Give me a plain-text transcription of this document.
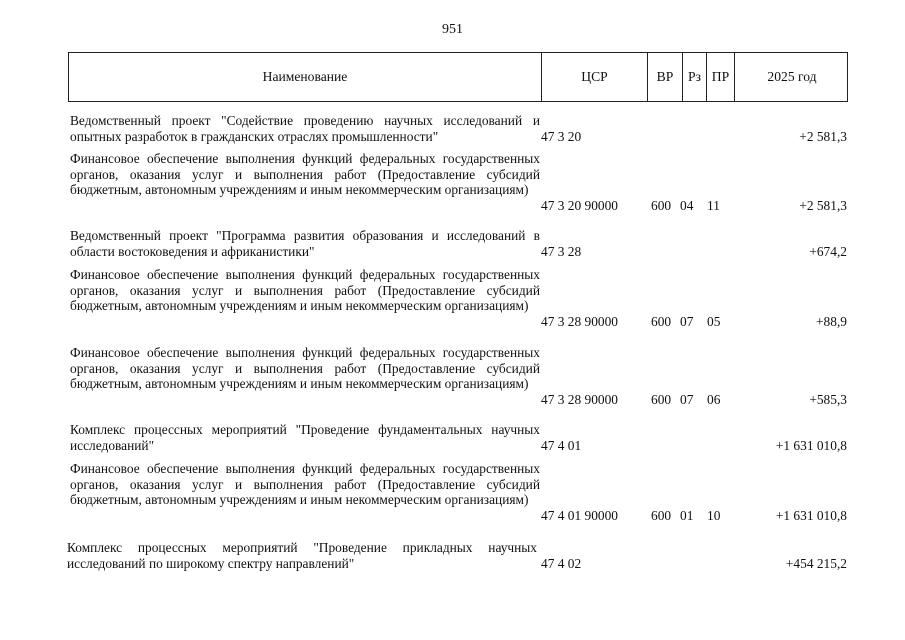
951
Наименование	ЦСР	ВР	Рз ПР	2025 год
Ведомственный проект "Содействие проведению научных исследований и опытных разработок в гражданских отраслях промышленности"	47 3 20	+2 581,3
Финансовое обеспечение выполнения функций федеральных государственных органов, оказания услуг и выполнения работ (Предоставление субсидий бюджетным, автономным учреждениям и иным некоммерческим организациям)
47 3 20 90000 600 04 11	+2 581,3
Ведомственный проект "Программа развития образования и исследований в области востоковедения и африканистики"	47 3 28	+674,2
Финансовое обеспечение выполнения функций федеральных государственных органов, оказания услуг и выполнения работ (Предоставление субсидий бюджетным, автономным учреждениям и иным некоммерческим организациям)
47 3 28 90000 600 07 05	+88,9
Финансовое обеспечение выполнения функций федеральных государственных органов, оказания услуг и выполнения работ (Предоставление субсидий бюджетным, автономным учреждениям и иным некоммерческим организациям)
47 3 28 90000 600 07 06	+585,3
Комплекс процессных мероприятий "Проведение фундаментальных научных исследований"	47 4 01	+1 631 010,8
Финансовое обеспечение выполнения функций федеральных государственных органов, оказания услуг и выполнения работ (Предоставление субсидий бюджетным, автономным учреждениям и иным некоммерческим организациям)
47 4 01 90000 600 01 10	+1 631 010,8
Комплекс процессных мероприятий "Проведение прикладных научных исследований по широкому спектру направлений"	47 4 02	+454 215,2
